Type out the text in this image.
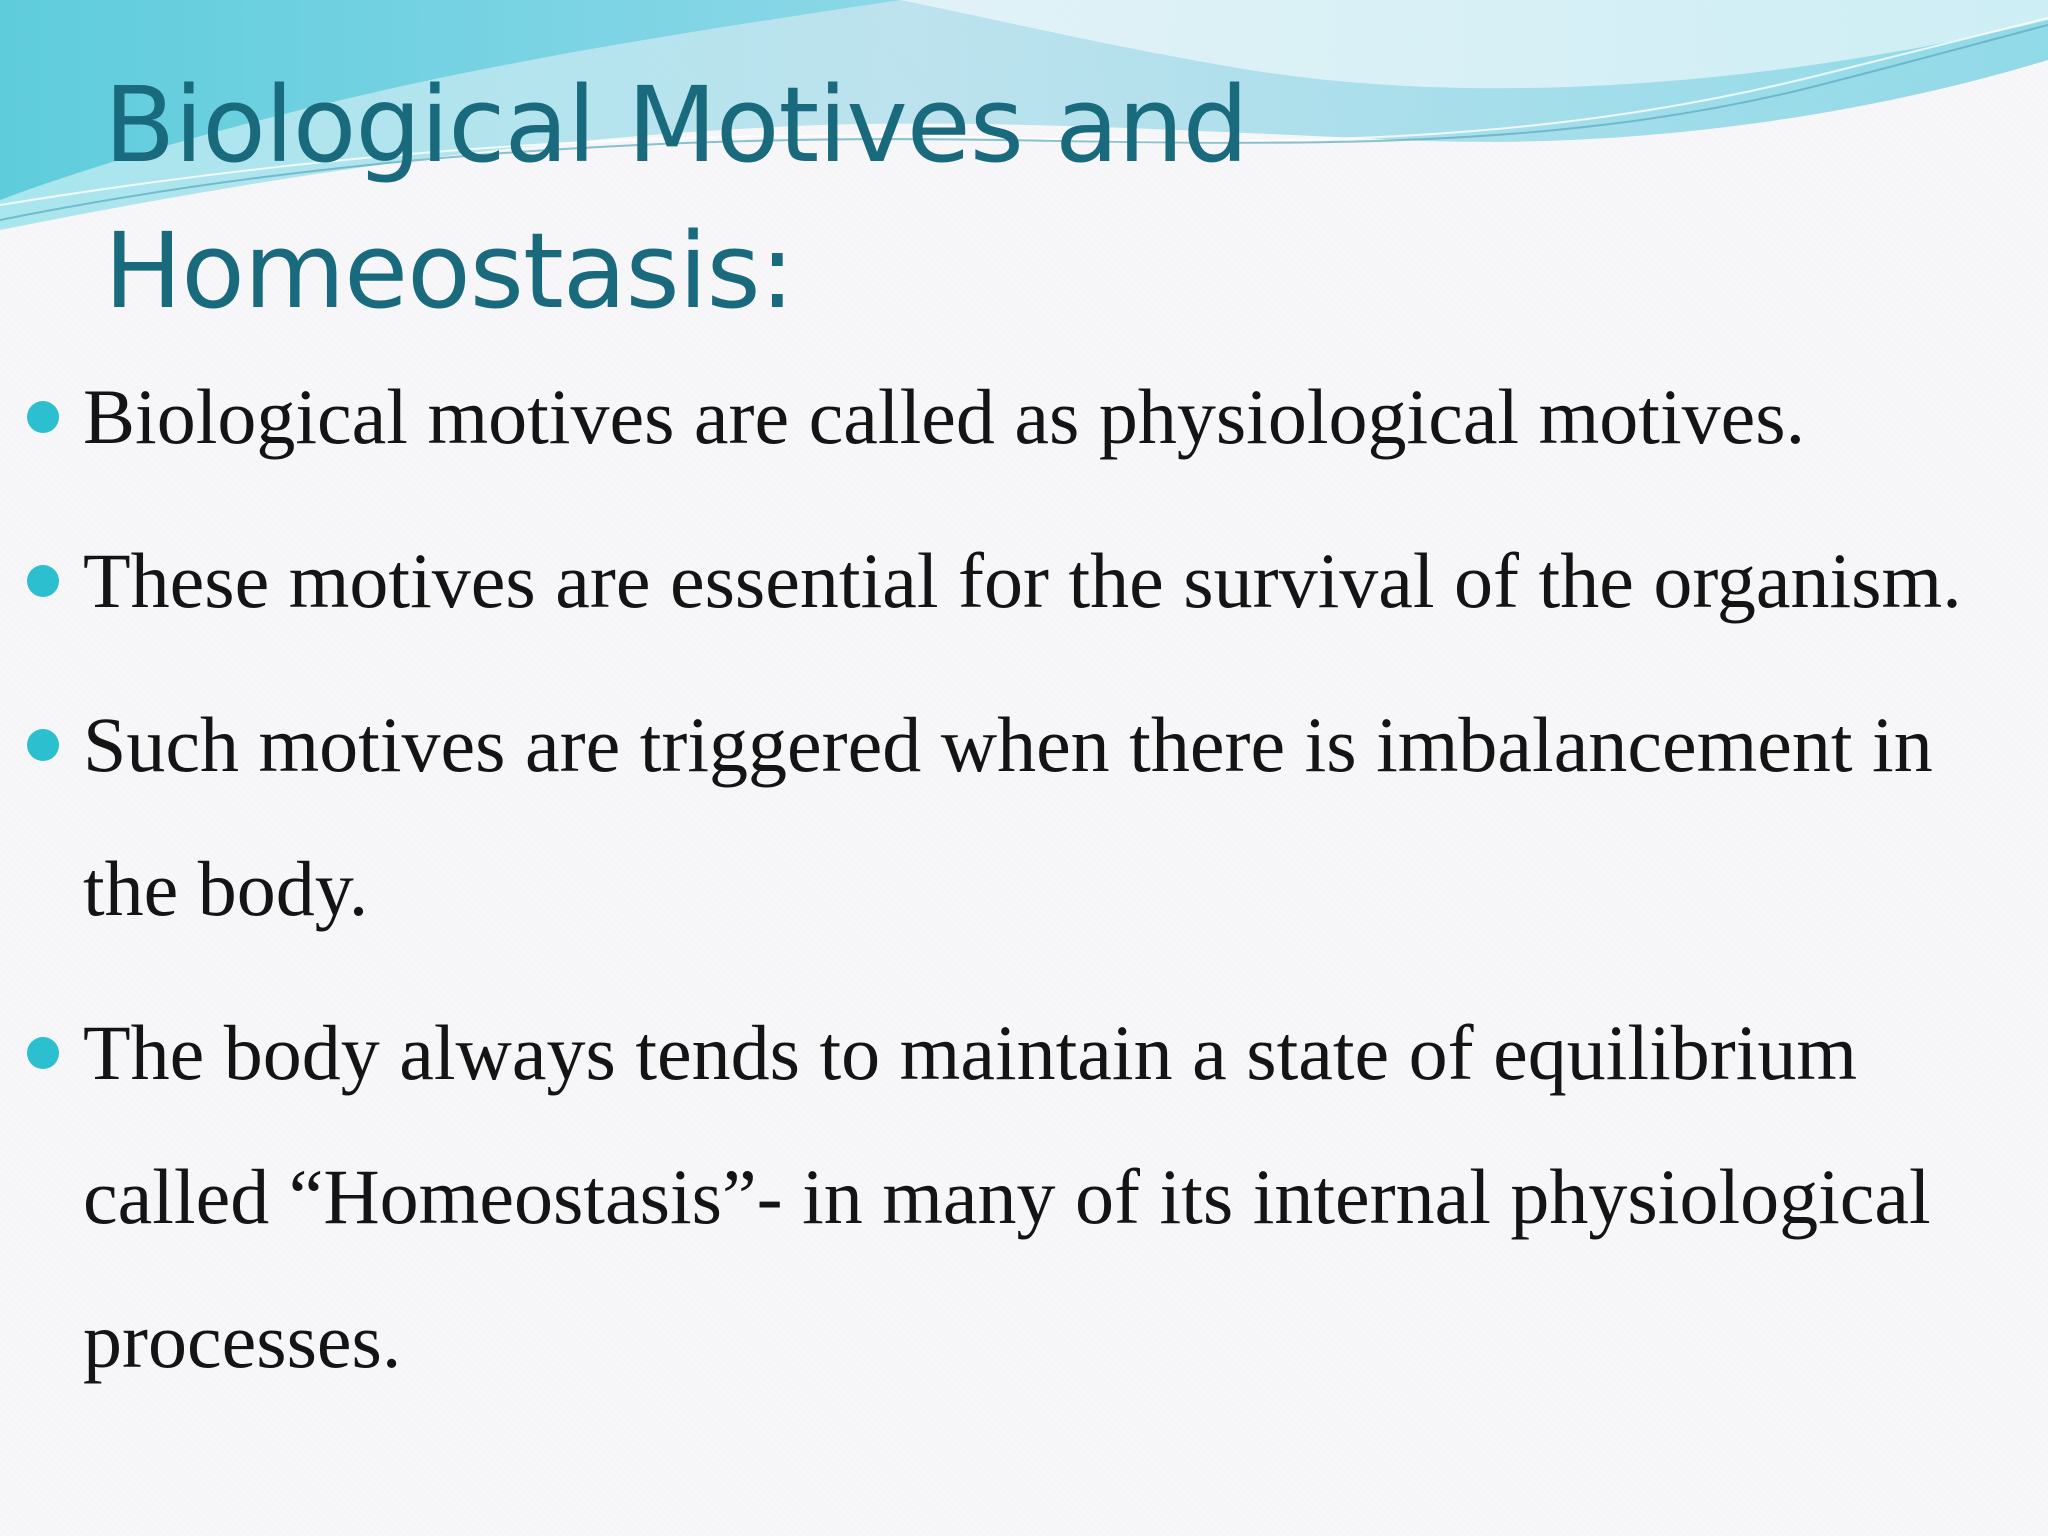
Biological Motives and
Homeostasis:
Biological motives are called as physiological motives.
These motives are essential for the survival of the organism.
Such motives are triggered when there is imbalancement in the body.
The body always tends to maintain a state of equilibrium called “Homeostasis”- in many of its internal physiological processes.
